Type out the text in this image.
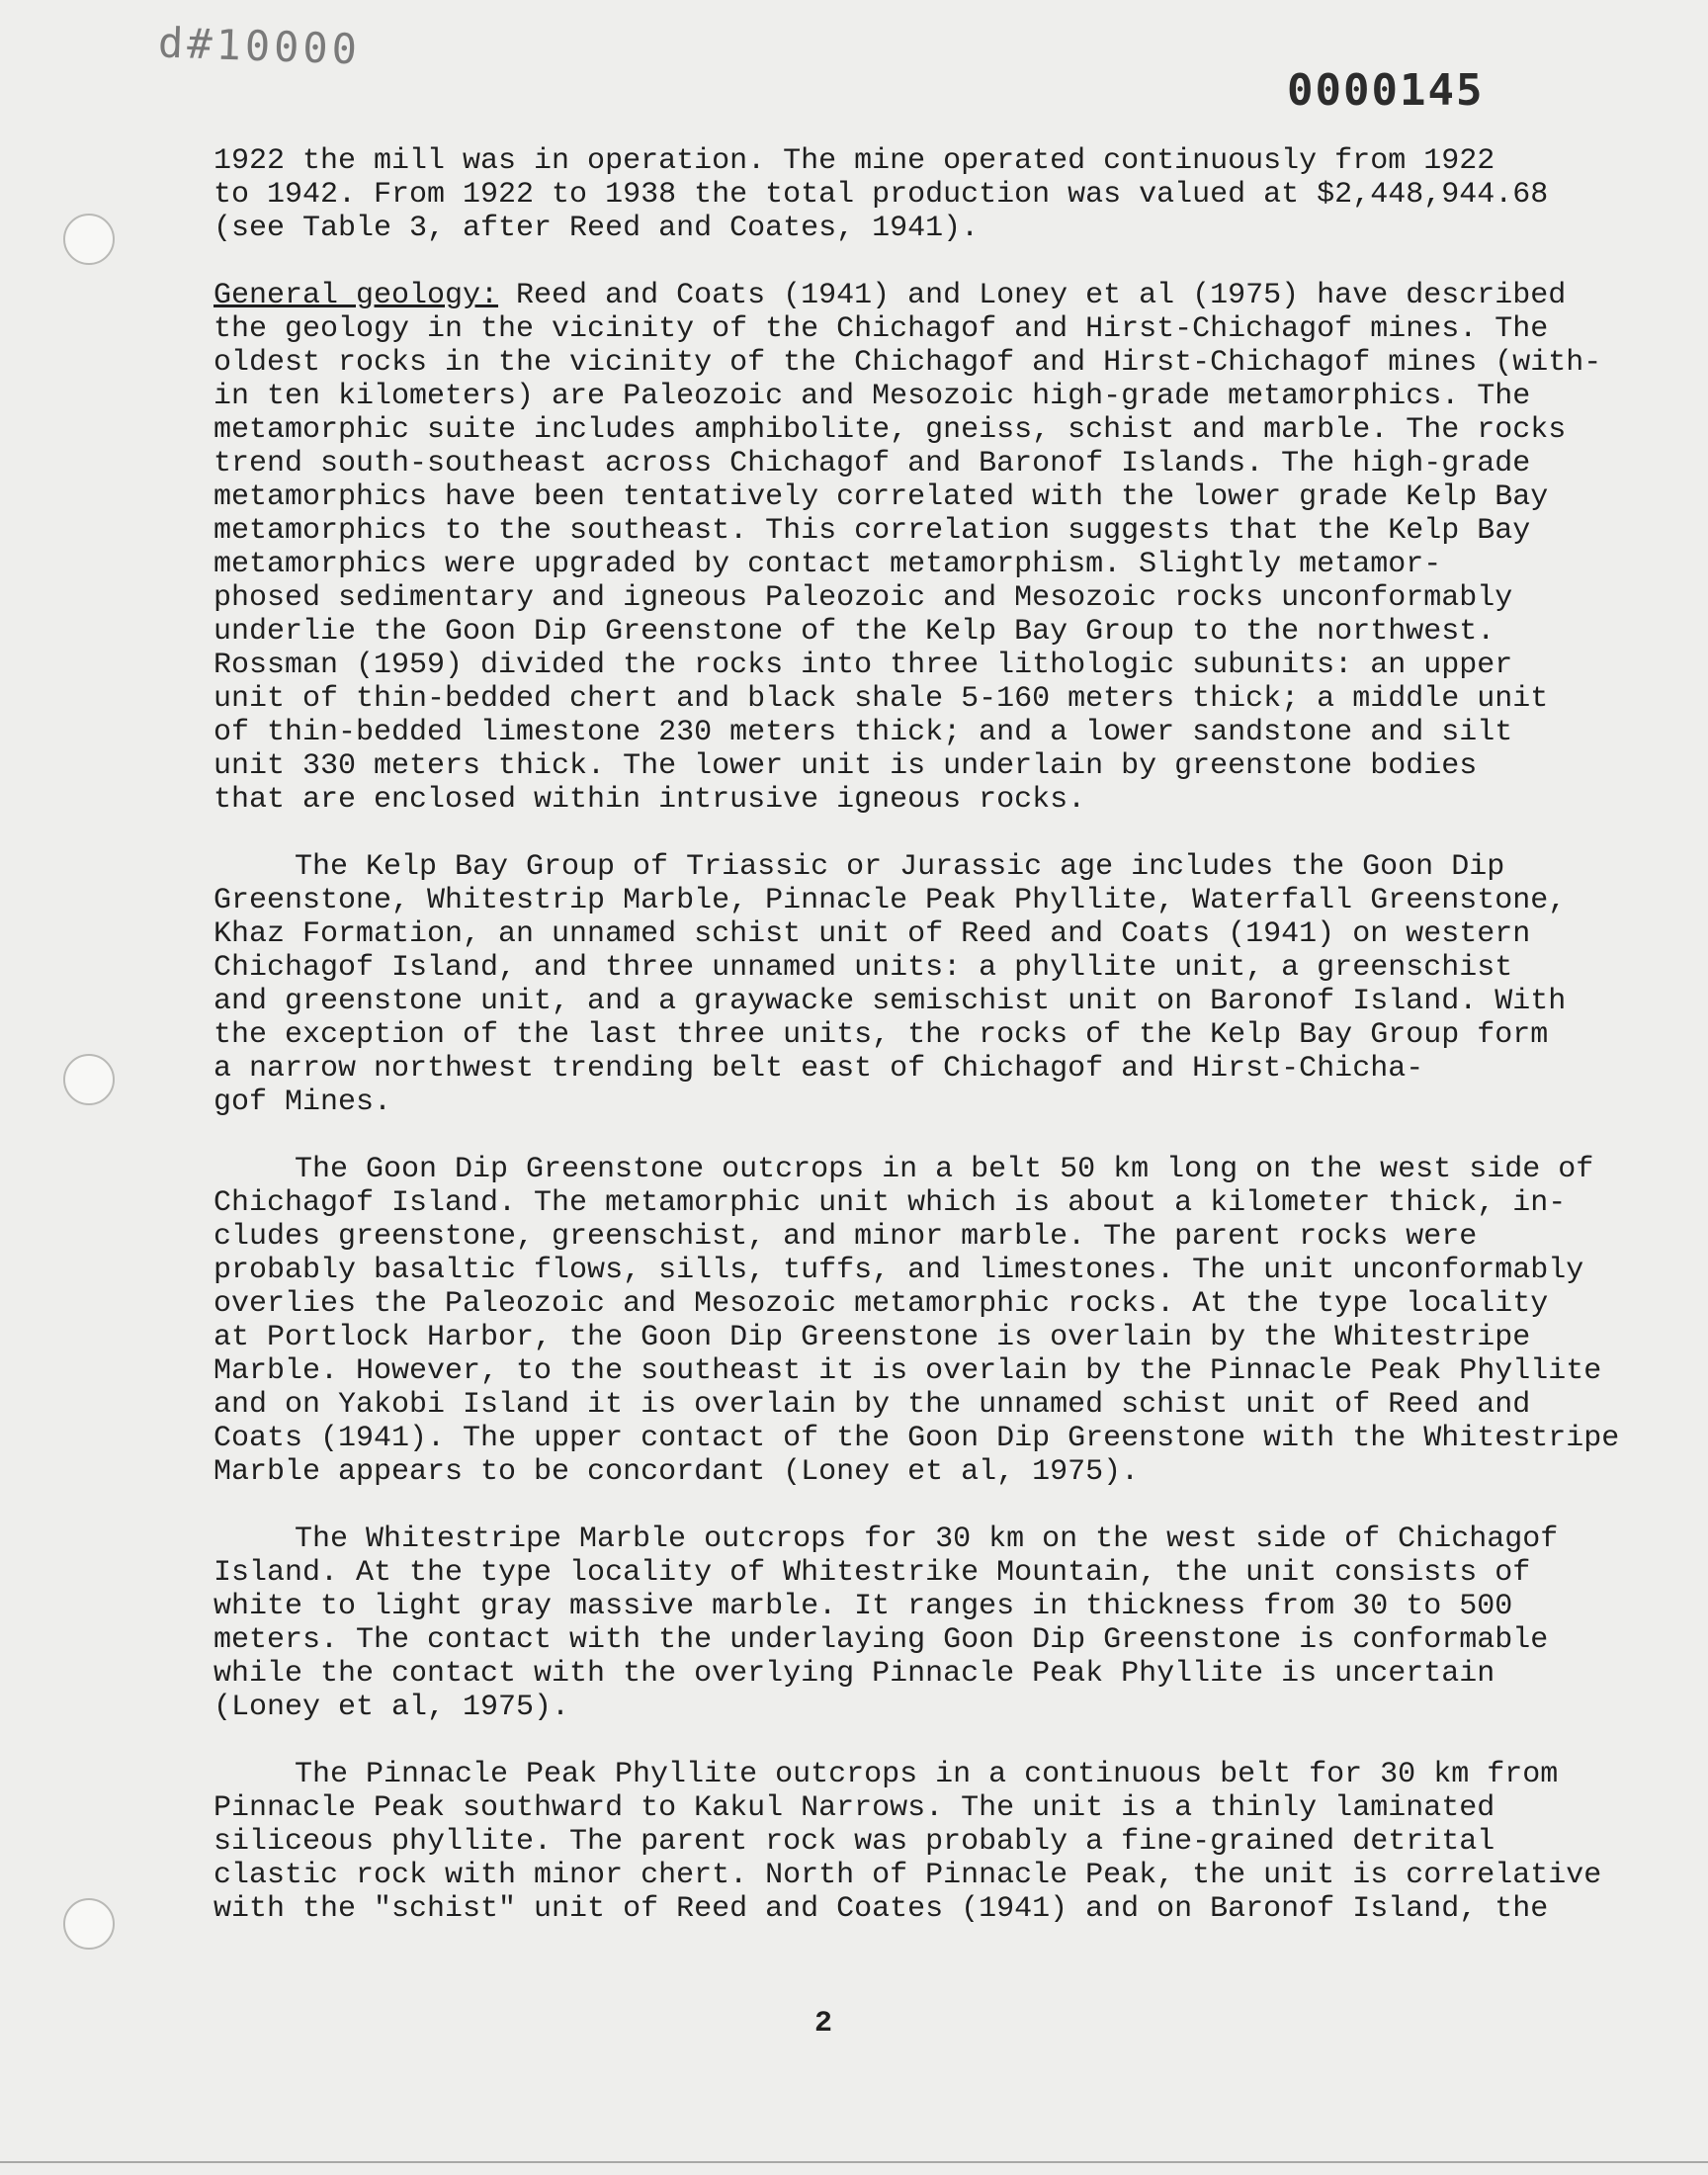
d#10000
0000145
1922 the mill was in operation. The mine operated continuously from 1922
to 1942. From 1922 to 1938 the total production was valued at $2,448,944.68
(see Table 3, after Reed and Coates, 1941).
General geology: Reed and Coats (1941) and Loney et al (1975) have described
the geology in the vicinity of the Chichagof and Hirst-Chichagof mines. The
oldest rocks in the vicinity of the Chichagof and Hirst-Chichagof mines (with-
in ten kilometers) are Paleozoic and Mesozoic high-grade metamorphics. The
metamorphic suite includes amphibolite, gneiss, schist and marble. The rocks
trend south-southeast across Chichagof and Baronof Islands. The high-grade
metamorphics have been tentatively correlated with the lower grade Kelp Bay
metamorphics to the southeast. This correlation suggests that the Kelp Bay
metamorphics were upgraded by contact metamorphism. Slightly metamor-
phosed sedimentary and igneous Paleozoic and Mesozoic rocks unconformably
underlie the Goon Dip Greenstone of the Kelp Bay Group to the northwest.
Rossman (1959) divided the rocks into three lithologic subunits: an upper
unit of thin-bedded chert and black shale 5-160 meters thick; a middle unit
of thin-bedded limestone 230 meters thick; and a lower sandstone and silt
unit 330 meters thick. The lower unit is underlain by greenstone bodies
that are enclosed within intrusive igneous rocks.
The Kelp Bay Group of Triassic or Jurassic age includes the Goon Dip
Greenstone, Whitestrip Marble, Pinnacle Peak Phyllite, Waterfall Greenstone,
Khaz Formation, an unnamed schist unit of Reed and Coats (1941) on western
Chichagof Island, and three unnamed units: a phyllite unit, a greenschist
and greenstone unit, and a graywacke semischist unit on Baronof Island. With
the exception of the last three units, the rocks of the Kelp Bay Group form
a narrow northwest trending belt east of Chichagof and Hirst-Chicha-
gof Mines.
The Goon Dip Greenstone outcrops in a belt 50 km long on the west side of
Chichagof Island. The metamorphic unit which is about a kilometer thick, in-
cludes greenstone, greenschist, and minor marble. The parent rocks were
probably basaltic flows, sills, tuffs, and limestones. The unit unconformably
overlies the Paleozoic and Mesozoic metamorphic rocks. At the type locality
at Portlock Harbor, the Goon Dip Greenstone is overlain by the Whitestripe
Marble. However, to the southeast it is overlain by the Pinnacle Peak Phyllite
and on Yakobi Island it is overlain by the unnamed schist unit of Reed and
Coats (1941). The upper contact of the Goon Dip Greenstone with the Whitestripe
Marble appears to be concordant (Loney et al, 1975).
The Whitestripe Marble outcrops for 30 km on the west side of Chichagof
Island. At the type locality of Whitestrike Mountain, the unit consists of
white to light gray massive marble. It ranges in thickness from 30 to 500
meters. The contact with the underlaying Goon Dip Greenstone is conformable
while the contact with the overlying Pinnacle Peak Phyllite is uncertain
(Loney et al, 1975).
The Pinnacle Peak Phyllite outcrops in a continuous belt for 30 km from
Pinnacle Peak southward to Kakul Narrows. The unit is a thinly laminated
siliceous phyllite. The parent rock was probably a fine-grained detrital
clastic rock with minor chert. North of Pinnacle Peak, the unit is correlative
with the "schist" unit of Reed and Coates (1941) and on Baronof Island, the
2
